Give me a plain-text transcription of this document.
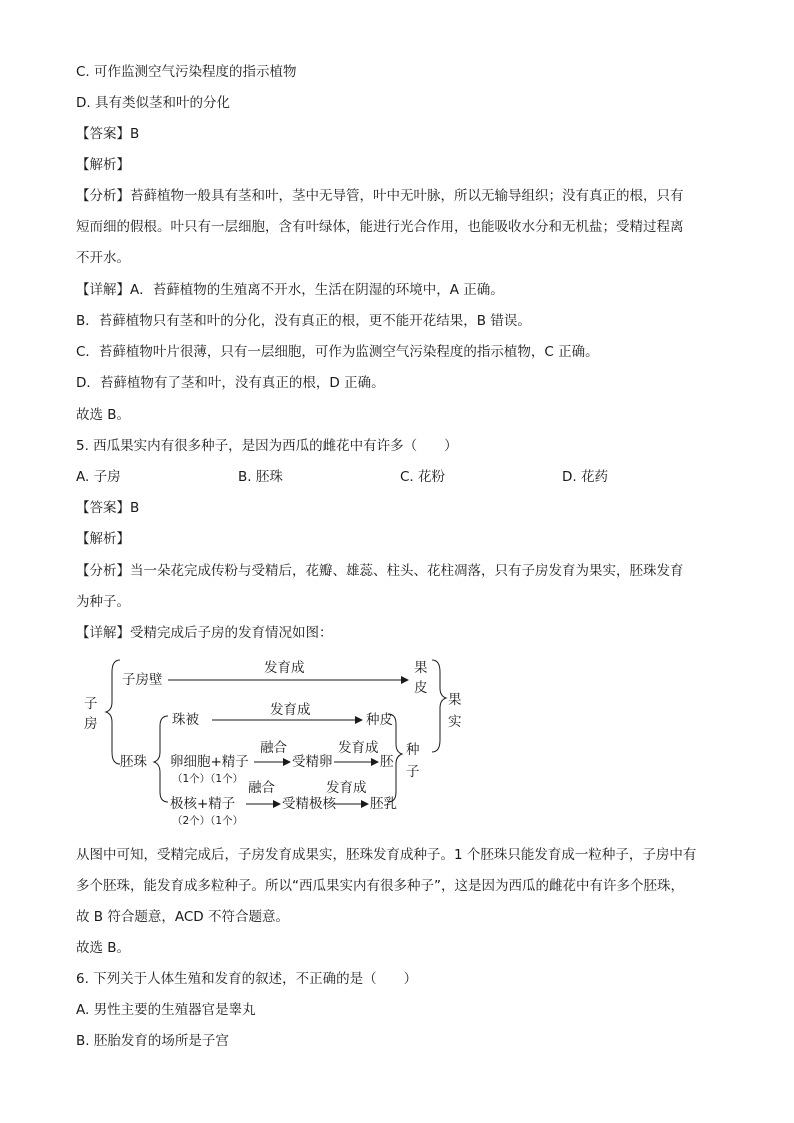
C. 可作监测空气污染程度的指示植物
D. 具有类似茎和叶的分化
【答案】B
【解析】
【分析】苔藓植物一般具有茎和叶，茎中无导管，叶中无叶脉，所以无输导组织；没有真正的根，只有
短而细的假根。叶只有一层细胞，含有叶绿体，能进行光合作用，也能吸收水分和无机盐；受精过程离
不开水。
【详解】A．苔藓植物的生殖离不开水，生活在阴湿的环境中，A 正确。
B．苔藓植物只有茎和叶的分化，没有真正的根，更不能开花结果，B 错误。
C．苔藓植物叶片很薄，只有一层细胞，可作为监测空气污染程度的指示植物，C 正确。
D．苔藓植物有了茎和叶，没有真正的根，D 正确。
故选 B。
5. 西瓜果实内有很多种子，是因为西瓜的雌花中有许多（　　）
A. 子房	B. 胚珠	C. 花粉	D. 花药
【答案】B
【解析】
【分析】当一朵花完成传粉与受精后，花瓣、雄蕊、柱头、花柱凋落，只有子房发育为果实，胚珠发育
为种子。
【详解】受精完成后子房的发育情况如图：
子
房
子房壁
发育成	果
皮
果
实
珠被
发育成
种皮
胚珠
种
子
卵细胞+精子
融合
受精卵
发育成
胚
（1个）（1个）
极核+精子
融合
受精极核
发育成
胚乳
（2个）（1个）
从图中可知，受精完成后，子房发育成果实，胚珠发育成种子。1 个胚珠只能发育成一粒种子，子房中有
多个胚珠，能发育成多粒种子。所以“西瓜果实内有很多种子”，这是因为西瓜的雌花中有许多个胚珠，
故 B 符合题意，ACD 不符合题意。
故选 B。
6. 下列关于人体生殖和发育的叙述，不正确的是（　　）
A. 男性主要的生殖器官是睾丸
B. 胚胎发育的场所是子宫
